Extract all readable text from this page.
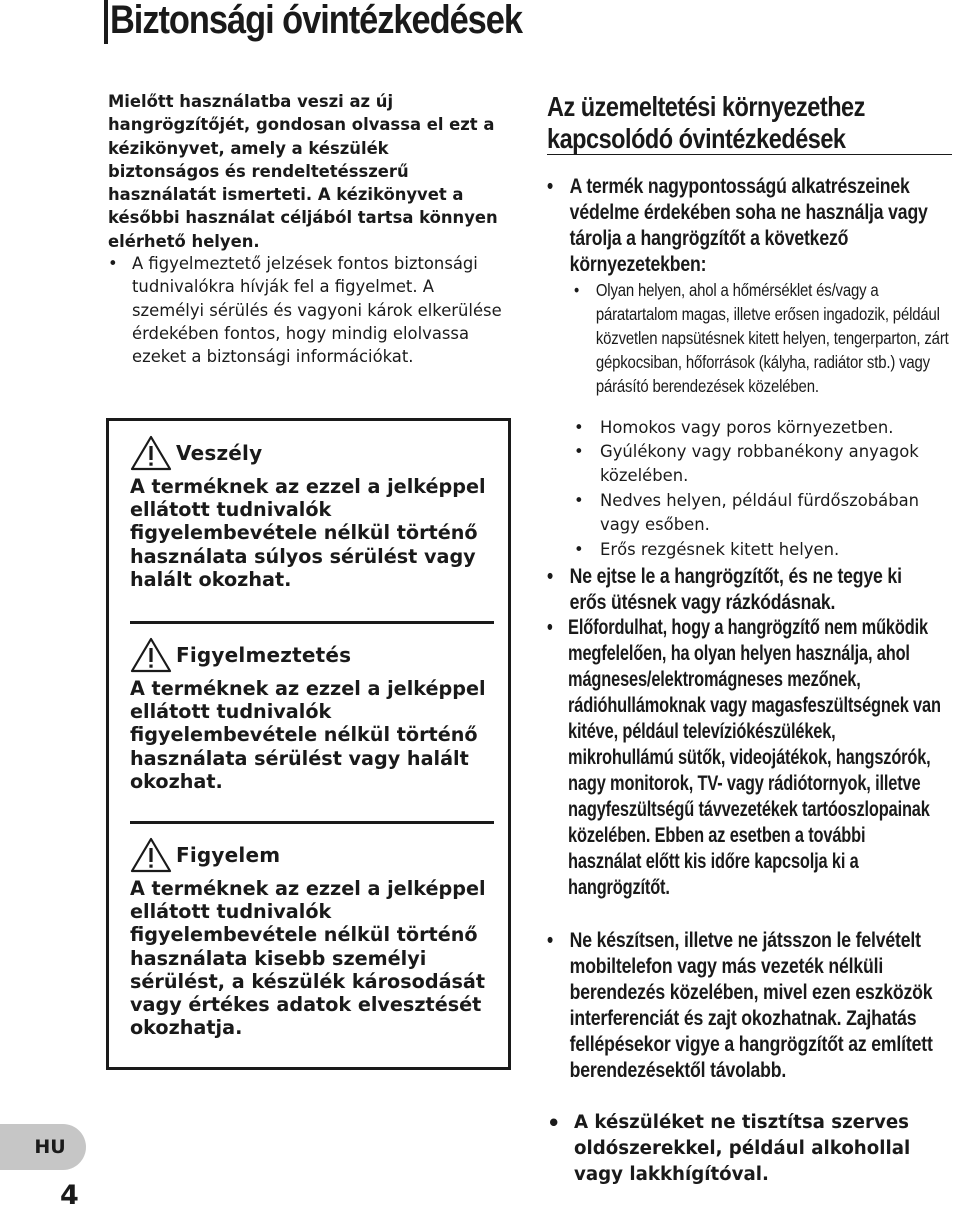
Biztonsági óvintézkedések

Mielőtt használatba veszi az új hangrögzítőjét, gondosan olvassa el ezt a kézikönyvet, amely a készülék biztonságos és rendeltetésszerű használatát ismerteti. A kézikönyvet a későbbi használat céljából tartsa könnyen elérhető helyen.

• A figyelmeztető jelzések fontos biztonsági tudnivalókra hívják fel a figyelmet. A személyi sérülés és vagyoni károk elkerülése érdekében fontos, hogy mindig elolvassa ezeket a biztonsági információkat.

Veszély
A terméknek az ezzel a jelképpel ellátott tudnivalók figyelembevétele nélkül történő használata súlyos sérülést vagy halált okozhat.
Figyelmeztetés
A terméknek az ezzel a jelképpel ellátott tudnivalók figyelembevétele nélkül történő használata sérülést vagy halált okozhat.
Figyelem
A terméknek az ezzel a jelképpel ellátott tudnivalók figyelembevétele nélkül történő használata kisebb személyi sérülést, a készülék károsodását vagy értékes adatok elvesztését okozhatja.
HU
4
Az üzemeltetési környezethez
kapcsolódó óvintézkedések
• A termék nagypontosságú alkatrészeinek védelme érdekében soha ne használja vagy tárolja a hangrögzítőt a következő környezetekben:
• Olyan helyen, ahol a hőmérséklet és/vagy a páratartalom magas, illetve erősen ingadozik, például közvetlen napsütésnek kitett helyen, tengerparton, zárt gépkocsiban, hőforrások (kályha, radiátor stb.) vagy párásító berendezések közelében.
• Homokos vagy poros környezetben.
• Gyúlékony vagy robbanékony anyagok közelében.
• Nedves helyen, például fürdőszobában vagy esőben.
• Erős rezgésnek kitett helyen.
• Ne ejtse le a hangrögzítőt, és ne tegye ki erős ütésnek vagy rázkódásnak.
• Előfordulhat, hogy a hangrögzítő nem működik megfelelően, ha olyan helyen használja, ahol mágneses/elektromágneses mezőnek, rádióhullámoknak vagy magasfeszültségnek van kitéve, például televíziókészülékek, mikrohullámú sütők, videojátékok, hangszórók, nagy monitorok, TV- vagy rádiótornyok, illetve nagyfeszültségű távvezetékek tartóoszlopainak közelében. Ebben az esetben a további használat előtt kis időre kapcsolja ki a hangrögzítőt.
• Ne készítsen, illetve ne játsszon le felvételt mobiltelefon vagy más vezeték nélküli berendezés közelében, mivel ezen eszközök interferenciát és zajt okozhatnak. Zajhatás fellépésekor vigye a hangrögzítőt az említett berendezésektől távolabb.
• A készüléket ne tisztítsa szerves oldószerekkel, például alkohollal vagy lakkhígítóval.
